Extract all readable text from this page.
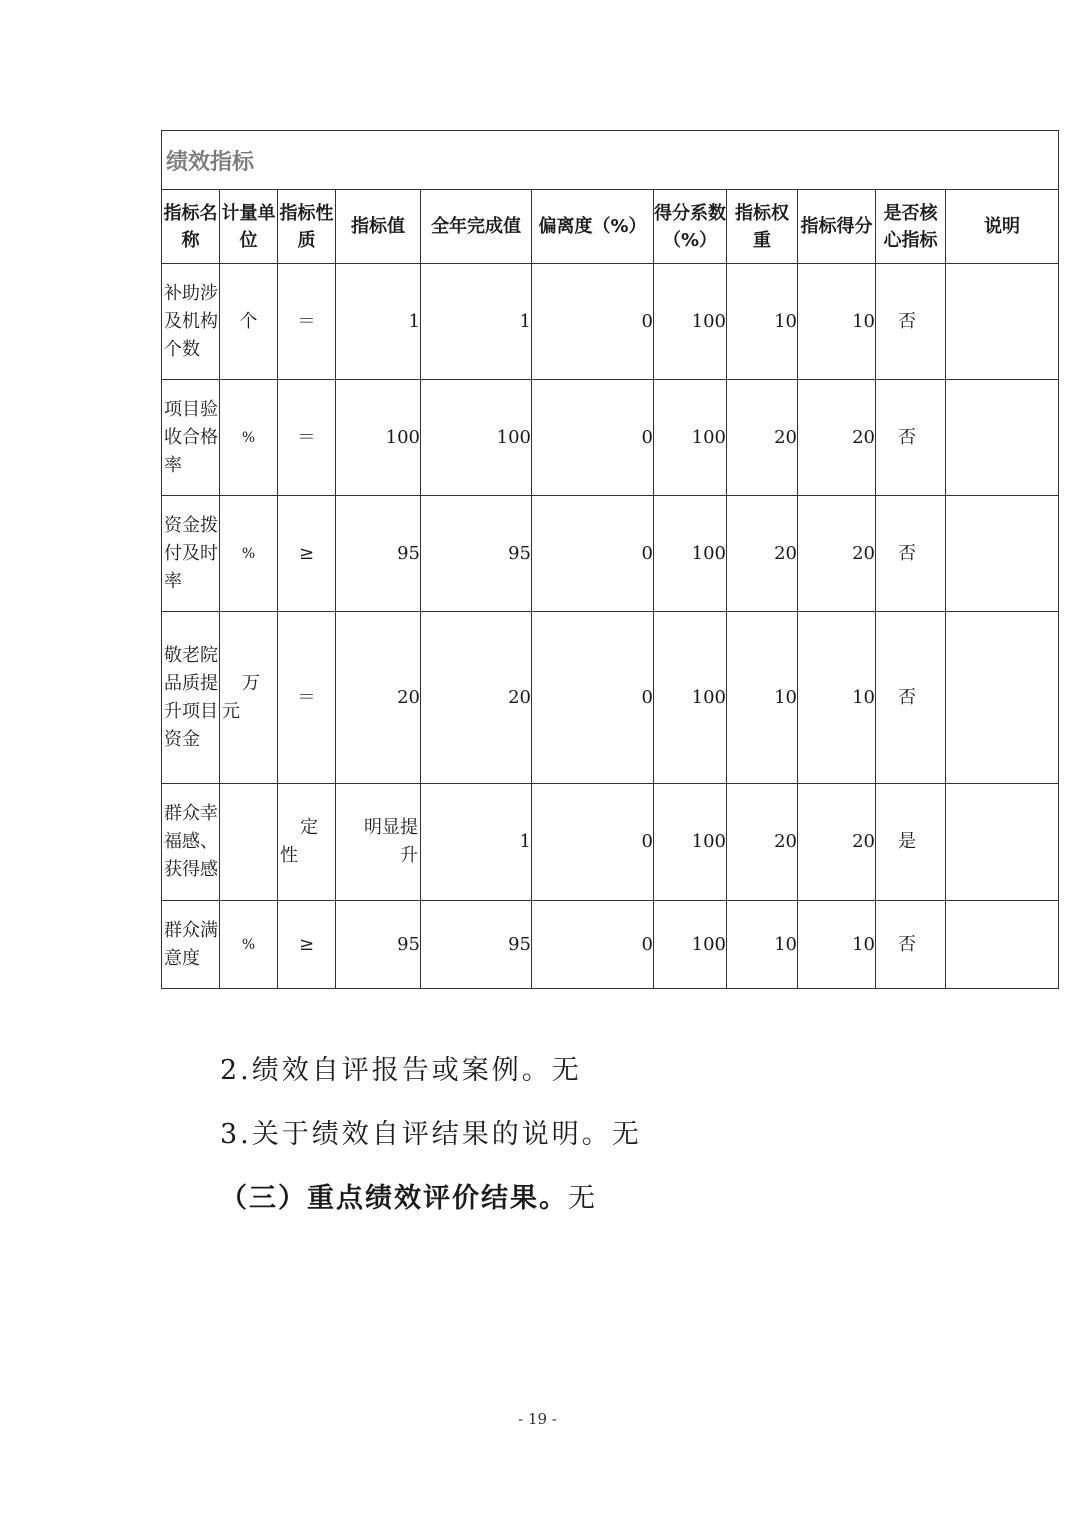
绩效指标										
指标名称	计量单位	指标性质	指标值	全年完成值	偏离度（%）	得分系数（%）	指标权重	指标得分	是否核心指标	说明
补助涉及机构个数	个	＝	1	1	0	100	10	10	否	
项目验收合格率	%	＝	100	100	0	100	20	20	否	
资金拨付及时率	%	≥	95	95	0	100	20	20	否	
敬老院品质提升项目资金	万元	＝	20	20	0	100	10	10	否	
群众幸福感、获得感		定性	明显提升	1	0	100	20	20	是	
群众满意度	%	≥	95	95	0	100	10	10	否	

2.绩效自评报告或案例。无

3.关于绩效自评结果的说明。无

（三）重点绩效评价结果。无

- 19 -
